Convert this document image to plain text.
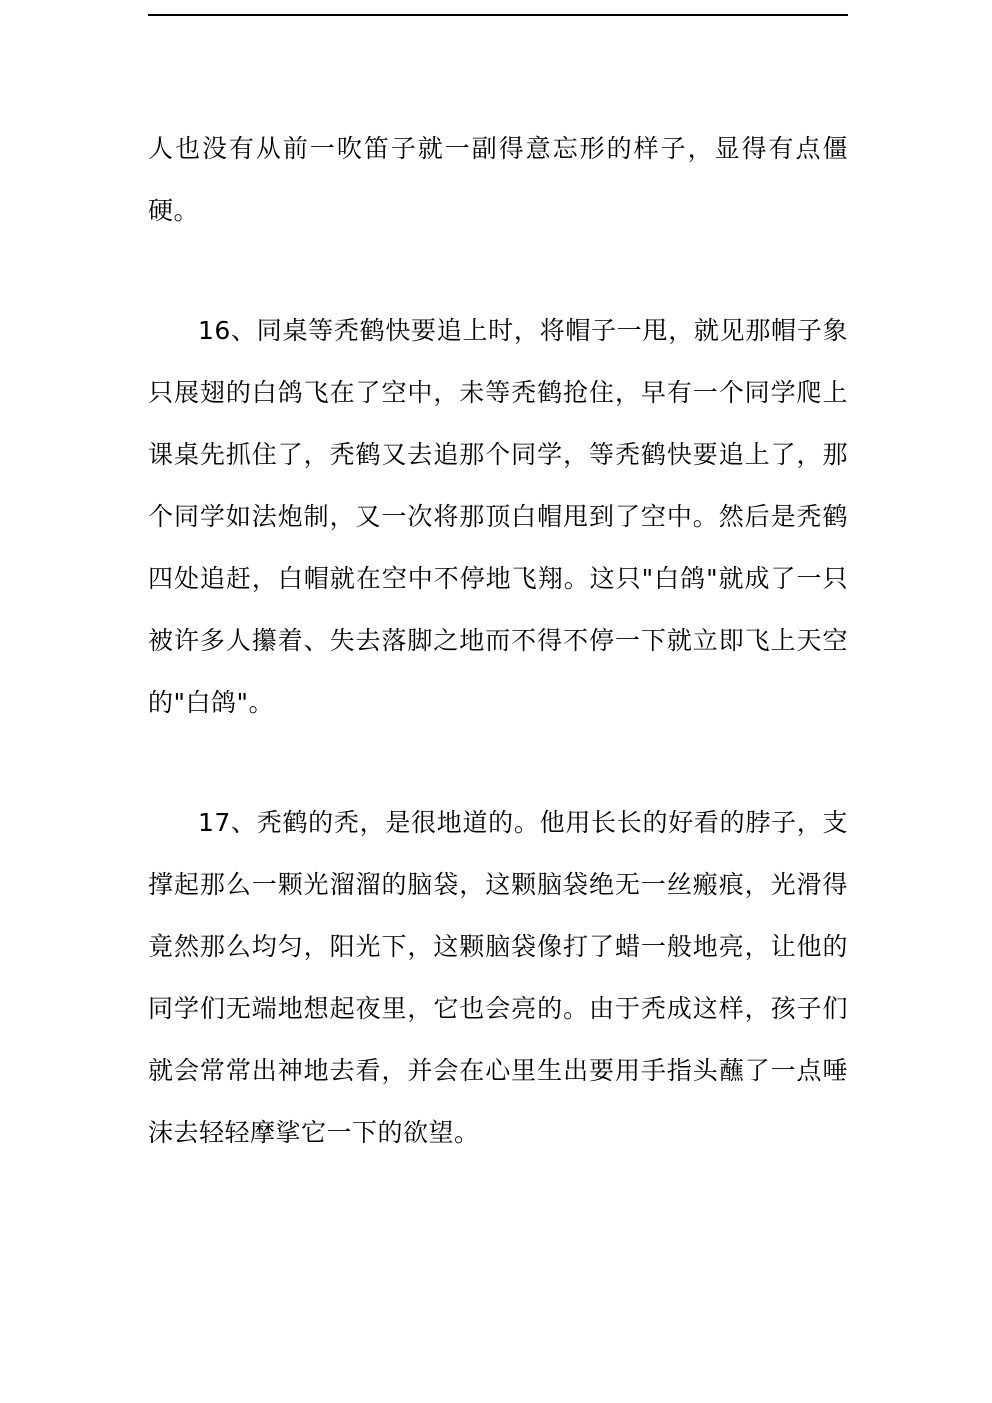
人也没有从前一吹笛子就一副得意忘形的样子，显得有点僵硬。

16、同桌等秃鹤快要追上时，将帽子一甩，就见那帽子象只展翅的白鸽飞在了空中，未等秃鹤抢住，早有一个同学爬上课桌先抓住了，秃鹤又去追那个同学，等秃鹤快要追上了，那个同学如法炮制，又一次将那顶白帽甩到了空中。然后是秃鹤四处追赶，白帽就在空中不停地飞翔。这只"白鸽"就成了一只被许多人攥着、失去落脚之地而不得不停一下就立即飞上天空的"白鸽"。

17、秃鹤的秃，是很地道的。他用长长的好看的脖子，支撑起那么一颗光溜溜的脑袋，这颗脑袋绝无一丝瘢痕，光滑得竟然那么均匀，阳光下，这颗脑袋像打了蜡一般地亮，让他的同学们无端地想起夜里，它也会亮的。由于秃成这样，孩子们就会常常出神地去看，并会在心里生出要用手指头蘸了一点唾沫去轻轻摩挲它一下的欲望。
